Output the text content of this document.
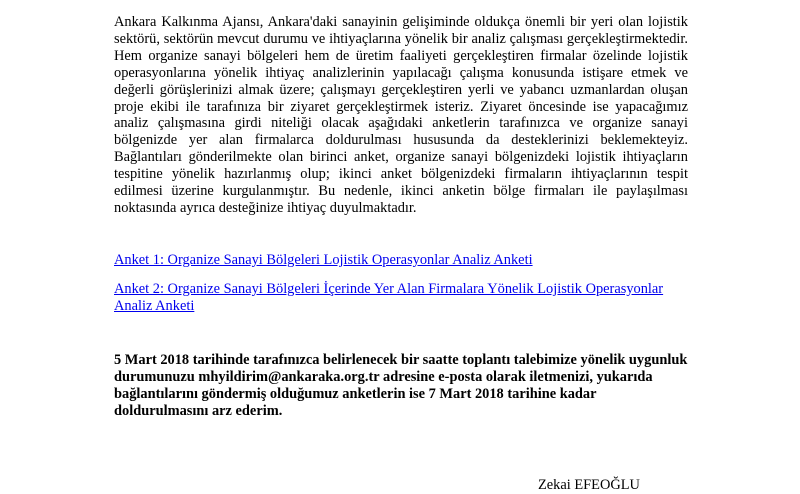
Ankara Kalkınma Ajansı, Ankara'daki sanayinin gelişiminde oldukça önemli bir yeri olan lojistik sektörü, sektörün mevcut durumu ve ihtiyaçlarına yönelik bir analiz çalışması gerçekleştirmektedir. Hem organize sanayi bölgeleri hem de üretim faaliyeti gerçekleştiren firmalar özelinde lojistik operasyonlarına yönelik ihtiyaç analizlerinin yapılacağı çalışma konusunda istişare etmek ve değerli görüşlerinizi almak üzere; çalışmayı gerçekleştiren yerli ve yabancı uzmanlardan oluşan proje ekibi ile tarafınıza bir ziyaret gerçekleştirmek isteriz. Ziyaret öncesinde ise yapacağımız analiz çalışmasına girdi niteliği olacak aşağıdaki anketlerin tarafınızca ve organize sanayi bölgenizde yer alan firmalarca doldurulması hususunda da desteklerinizi beklemekteyiz. Bağlantıları gönderilmekte olan birinci anket, organize sanayi bölgenizdeki lojistik ihtiyaçların tespitine yönelik hazırlanmış olup; ikinci anket bölgenizdeki firmaların ihtiyaçlarının tespit edilmesi üzerine kurgulanmıştır. Bu nedenle, ikinci anketin bölge firmaları ile paylaşılması noktasında ayrıca desteğinize ihtiyaç duyulmaktadır.

Anket 1: Organize Sanayi Bölgeleri Lojistik Operasyonlar Analiz Anketi
Anket 2: Organize Sanayi Bölgeleri İçerinde Yer Alan Firmalara Yönelik Lojistik Operasyonlar Analiz Anketi

5 Mart 2018 tarihinde tarafınızca belirlenecek bir saatte toplantı talebimize yönelik uygunluk durumunuzu mhyildirim@ankaraka.org.tr adresine e-posta olarak iletmenizi, yukarıda bağlantılarını göndermiş olduğumuz anketlerin ise 7 Mart 2018 tarihine kadar doldurulmasını arz ederim.

Zekai EFEOĞLU
